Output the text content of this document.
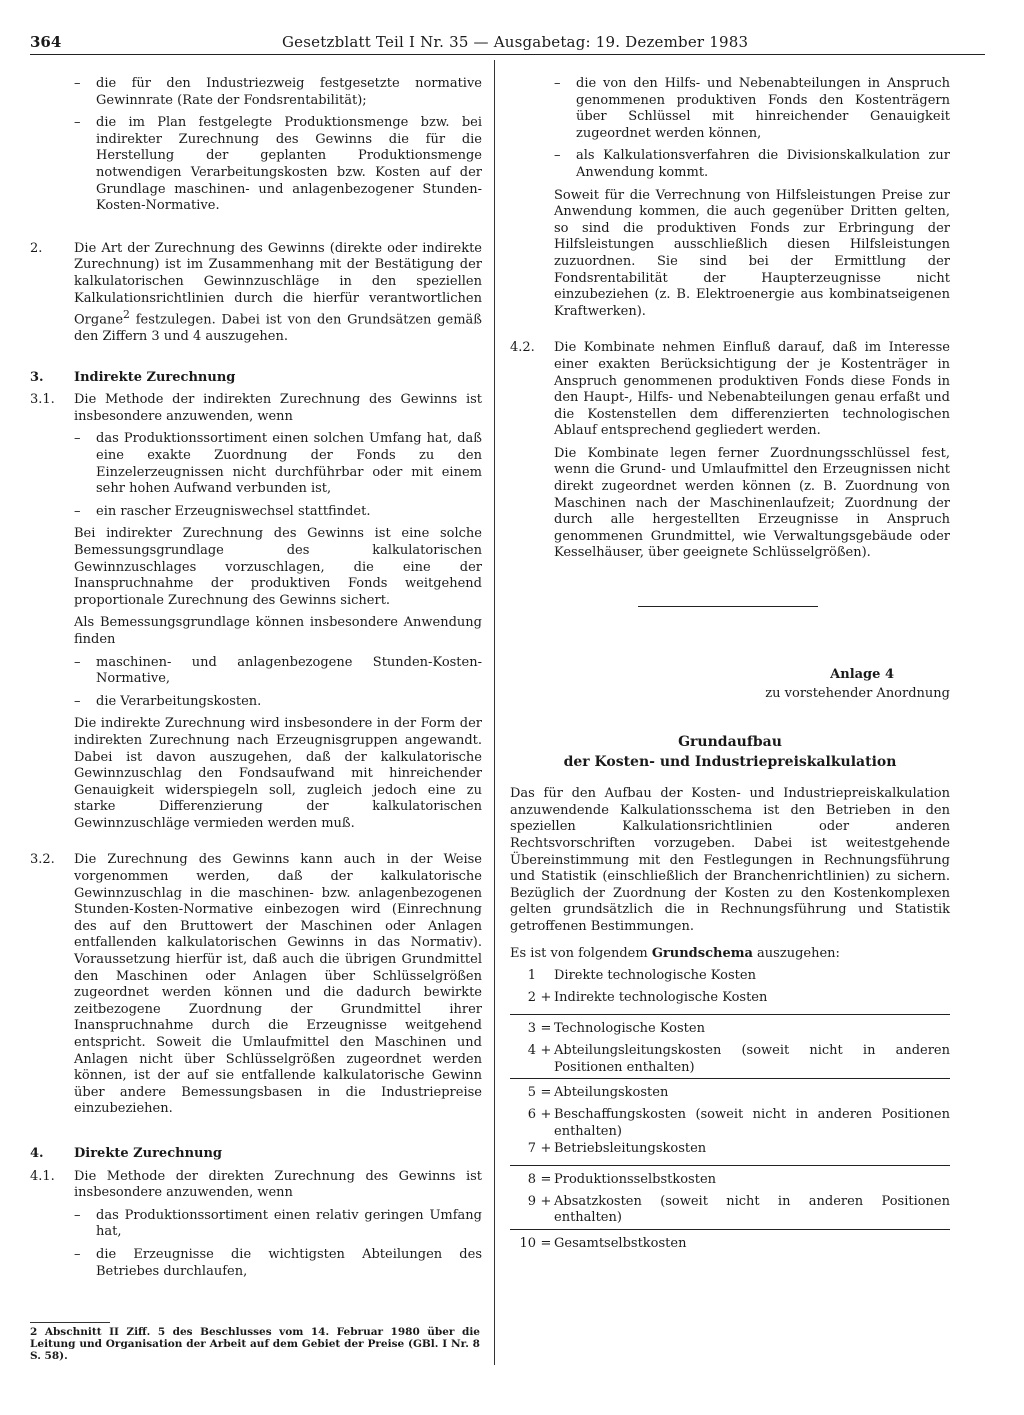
364	Gesetzblatt Teil I Nr. 35 — Ausgabetag: 19. Dezember 1983
–	die für den Industriezweig festgesetzte normative Gewinnrate (Rate der Fondsrentabilität);
–	die im Plan festgelegte Produktionsmenge bzw. bei indirekter Zurechnung des Gewinns die für die Herstellung der geplanten Produktionsmenge notwendigen Verarbeitungskosten bzw. Kosten auf der Grundlage maschinen- und anlagenbezogener Stunden-Kosten-Normative.
2.	Die Art der Zurechnung des Gewinns (direkte oder indirekte Zurechnung) ist im Zusammenhang mit der Bestätigung der kalkulatorischen Gewinnzuschläge in den speziellen Kalkulationsrichtlinien durch die hierfür verantwortlichen Organe$^2$ festzulegen. Dabei ist von den Grundsätzen gemäß den Ziffern 3 und 4 auszugehen.
3.	Indirekte Zurechnung
3.1.	Die Methode der indirekten Zurechnung des Gewinns ist insbesondere anzuwenden, wenn
–	das Produktionssortiment einen solchen Umfang hat, daß eine exakte Zuordnung der Fonds zu den Einzelerzeugnissen nicht durchführbar oder mit einem sehr hohen Aufwand verbunden ist,
–	ein rascher Erzeugniswechsel stattfindet.
Bei indirekter Zurechnung des Gewinns ist eine solche Bemessungsgrundlage des kalkulatorischen Gewinnzuschlages vorzuschlagen, die eine der Inanspruchnahme der produktiven Fonds weitgehend proportionale Zurechnung des Gewinns sichert.
Als Bemessungsgrundlage können insbesondere Anwendung finden
–	maschinen- und anlagenbezogene Stunden-Kosten-Normative,
–	die Verarbeitungskosten.
Die indirekte Zurechnung wird insbesondere in der Form der indirekten Zurechnung nach Erzeugnisgruppen angewandt. Dabei ist davon auszugehen, daß der kalkulatorische Gewinnzuschlag den Fondsaufwand mit hinreichender Genauigkeit widerspiegeln soll, zugleich jedoch eine zu starke Differenzierung der kalkulatorischen Gewinnzuschläge vermieden werden muß.
3.2.	Die Zurechnung des Gewinns kann auch in der Weise vorgenommen werden, daß der kalkulatorische Gewinnzuschlag in die maschinen- bzw. anlagenbezogenen Stunden-Kosten-Normative einbezogen wird (Einrechnung des auf den Bruttowert der Maschinen oder Anlagen entfallenden kalkulatorischen Gewinns in das Normativ). Voraussetzung hierfür ist, daß auch die übrigen Grundmittel den Maschinen oder Anlagen über Schlüsselgrößen zugeordnet werden können und die dadurch bewirkte zeitbezogene Zuordnung der Grundmittel ihrer Inanspruchnahme durch die Erzeugnisse weitgehend entspricht. Soweit die Umlaufmittel den Maschinen und Anlagen nicht über Schlüsselgrößen zugeordnet werden können, ist der auf sie entfallende kalkulatorische Gewinn über andere Bemessungsbasen in die Industriepreise einzubeziehen.
4.	Direkte Zurechnung
4.1.	Die Methode der direkten Zurechnung des Gewinns ist insbesondere anzuwenden, wenn
–	das Produktionssortiment einen relativ geringen Umfang hat,
–	die Erzeugnisse die wichtigsten Abteilungen des Betriebes durchlaufen,
2 Abschnitt II Ziff. 5 des Beschlusses vom 14. Februar 1980 über die Leitung und Organisation der Arbeit auf dem Gebiet der Preise (GBl. I Nr. 8 S. 58).
–	die von den Hilfs- und Nebenabteilungen in Anspruch genommenen produktiven Fonds den Kostenträgern über Schlüssel mit hinreichender Genauigkeit zugeordnet werden können,
–	als Kalkulationsverfahren die Divisionskalkulation zur Anwendung kommt.
Soweit für die Verrechnung von Hilfsleistungen Preise zur Anwendung kommen, die auch gegenüber Dritten gelten, so sind die produktiven Fonds zur Erbringung der Hilfsleistungen ausschließlich diesen Hilfsleistungen zuzuordnen. Sie sind bei der Ermittlung der Fondsrentabilität der Haupterzeugnisse nicht einzubeziehen (z. B. Elektroenergie aus kombinatseigenen Kraftwerken).
4.2.	Die Kombinate nehmen Einfluß darauf, daß im Interesse einer exakten Berücksichtigung der je Kostenträger in Anspruch genommenen produktiven Fonds diese Fonds in den Haupt-, Hilfs- und Nebenabteilungen genau erfaßt und die Kostenstellen dem differenzierten technologischen Ablauf entsprechend gegliedert werden.
Die Kombinate legen ferner Zuordnungsschlüssel fest, wenn die Grund- und Umlaufmittel den Erzeugnissen nicht direkt zugeordnet werden können (z. B. Zuordnung von Maschinen nach der Maschinenlaufzeit; Zuordnung der durch alle hergestellten Erzeugnisse in Anspruch genommenen Grundmittel, wie Verwaltungsgebäude oder Kesselhäuser, über geeignete Schlüsselgrößen).
Anlage 4
zu vorstehender Anordnung
Grundaufbau
der Kosten- und Industriepreiskalkulation
Das für den Aufbau der Kosten- und Industriepreiskalkulation anzuwendende Kalkulationsschema ist den Betrieben in den speziellen Kalkulationsrichtlinien oder anderen Rechtsvorschriften vorzugeben. Dabei ist weitestgehende Übereinstimmung mit den Festlegungen in Rechnungsführung und Statistik (einschließlich der Branchenrichtlinien) zu sichern. Bezüglich der Zuordnung der Kosten zu den Kostenkomplexen gelten grundsätzlich die in Rechnungsführung und Statistik getroffenen Bestimmungen.
Es ist von folgendem Grundschema auszugehen:
1 Direkte technologische Kosten
2 + Indirekte technologische Kosten
3 = Technologische Kosten
4 + Abteilungsleitungskosten (soweit nicht in anderen Positionen enthalten)
5 = Abteilungskosten
6 + Beschaffungskosten (soweit nicht in anderen Positionen enthalten)
7 + Betriebsleitungskosten
8 = Produktionsselbstkosten
9 + Absatzkosten (soweit nicht in anderen Positionen enthalten)
10 = Gesamtselbstkosten
